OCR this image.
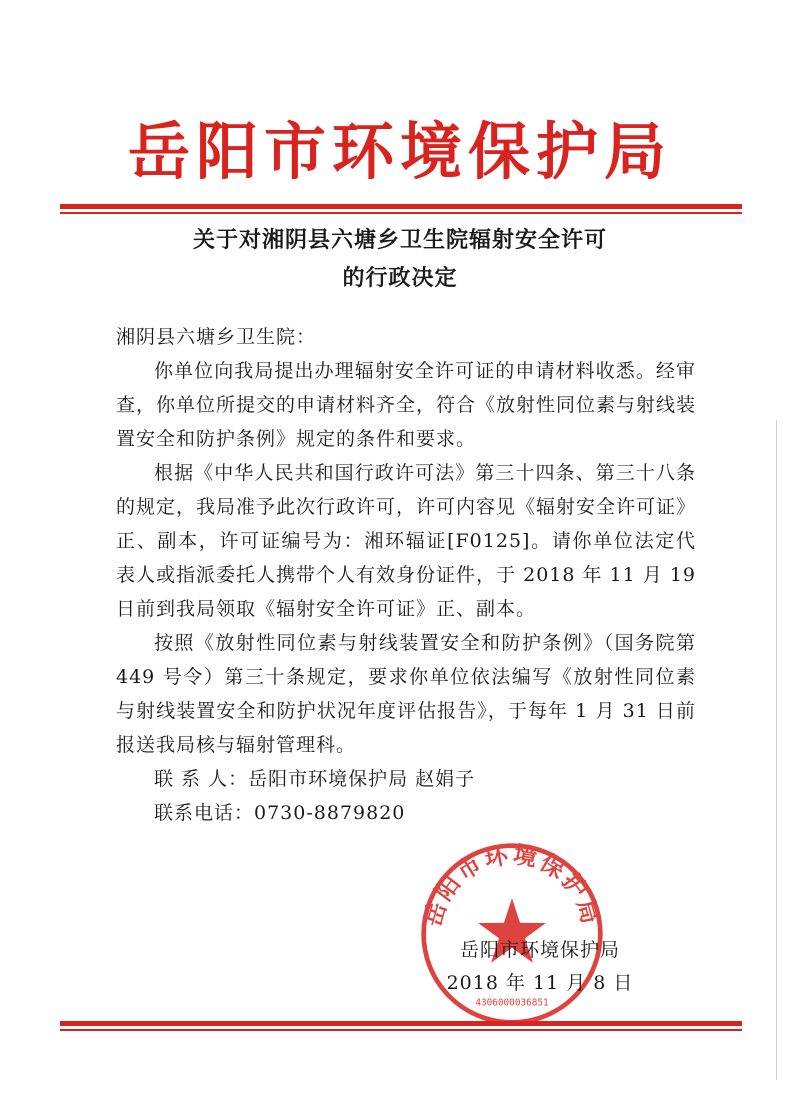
岳阳市环境保护局
关于对湘阴县六塘乡卫生院辐射安全许可
的行政决定

湘阴县六塘乡卫生院：

你单位向我局提出办理辐射安全许可证的申请材料收悉。经审查，你单位所提交的申请材料齐全，符合《放射性同位素与射线装置安全和防护条例》规定的条件和要求。

根据《中华人民共和国行政许可法》第三十四条、第三十八条的规定，我局准予此次行政许可，许可内容见《辐射安全许可证》正、副本，许可证编号为：湘环辐证[F0125]。请你单位法定代表人或指派委托人携带个人有效身份证件，于 2018 年 11 月 19 日前到我局领取《辐射安全许可证》正、副本。

按照《放射性同位素与射线装置安全和防护条例》（国务院第 449 号令）第三十条规定，要求你单位依法编写《放射性同位素与射线装置安全和防护状况年度评估报告》，于每年 1 月 31 日前报送我局核与辐射管理科。

联 系 人：岳阳市环境保护局 赵娟子

联系电话：0730-8879820

岳阳市环境保护局
4306000036851
岳阳市环境保护局
2018 年 11 月 8 日
